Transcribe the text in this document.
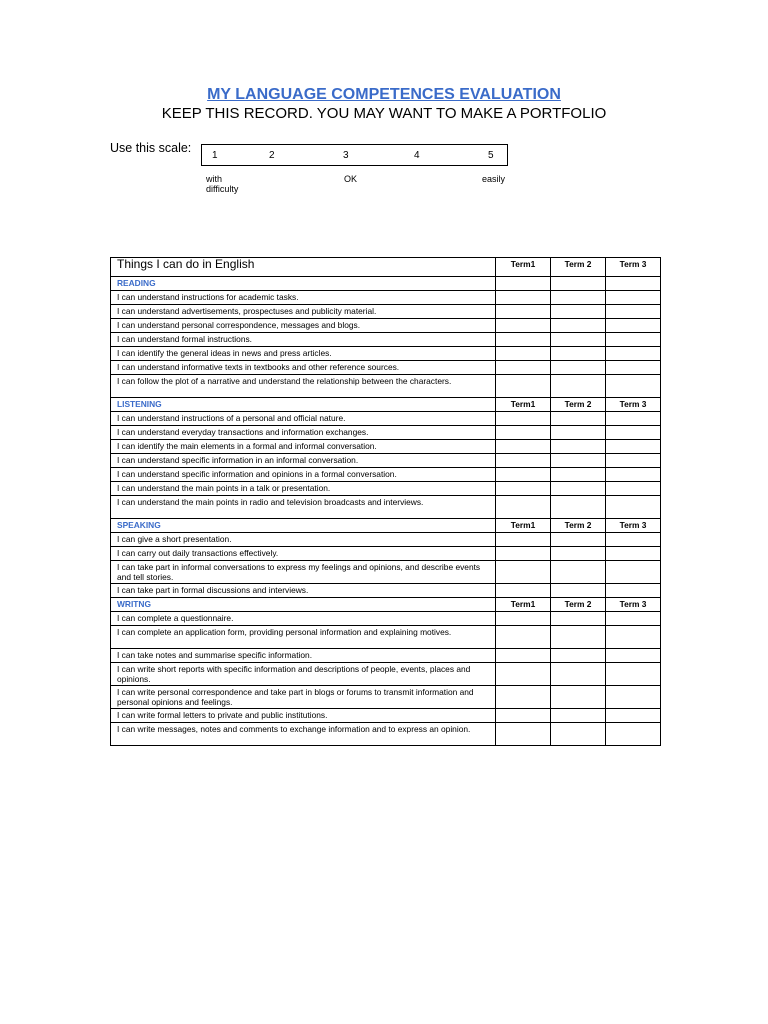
MY LANGUAGE COMPETENCES EVALUATION
KEEP THIS RECORD. YOU MAY WANT TO MAKE A PORTFOLIO
Use this scale:
1	2	3	4	5
with difficulty
OK	easily
Things I can do in English	Term1	Term 2	Term 3
READING			
I can understand instructions for academic tasks.			
I can understand advertisements, prospectuses and publicity material.			
I can understand personal correspondence, messages and blogs.			
I can understand formal instructions.			
I can identify the general ideas in news and press articles.			
I can understand informative texts in textbooks and other reference sources.			
I can follow the plot of a narrative and understand the relationship between the characters.			
LISTENING	Term1	Term 2	Term 3
I can understand instructions of a personal and official nature.			
I can understand everyday transactions and information exchanges.			
I can identify the main elements in a formal and informal conversation.			
I can understand specific information in an informal conversation.			
I can understand specific information and opinions in a formal conversation.			
I can understand the main points in a talk or presentation.			
I can understand the main points in radio and television broadcasts and interviews.			
SPEAKING	Term1	Term 2	Term 3
I can give a short presentation.			
I can carry out daily transactions effectively.			
I can take part in informal conversations to express my feelings and opinions, and describe events and tell stories.			
I can take part in formal discussions and interviews.			
WRITNG	Term1	Term 2	Term 3
I can complete a questionnaire.			
I can complete an application form, providing personal information and explaining motives.			
I can take notes and summarise specific information.			
I can write short reports with specific information and descriptions of people, events, places and opinions.			
I can write personal correspondence and take part in blogs or forums to transmit information and personal opinions and feelings.			
I can write formal letters to private and public institutions.			
I can write messages, notes and comments to exchange information and to express an opinion.			
